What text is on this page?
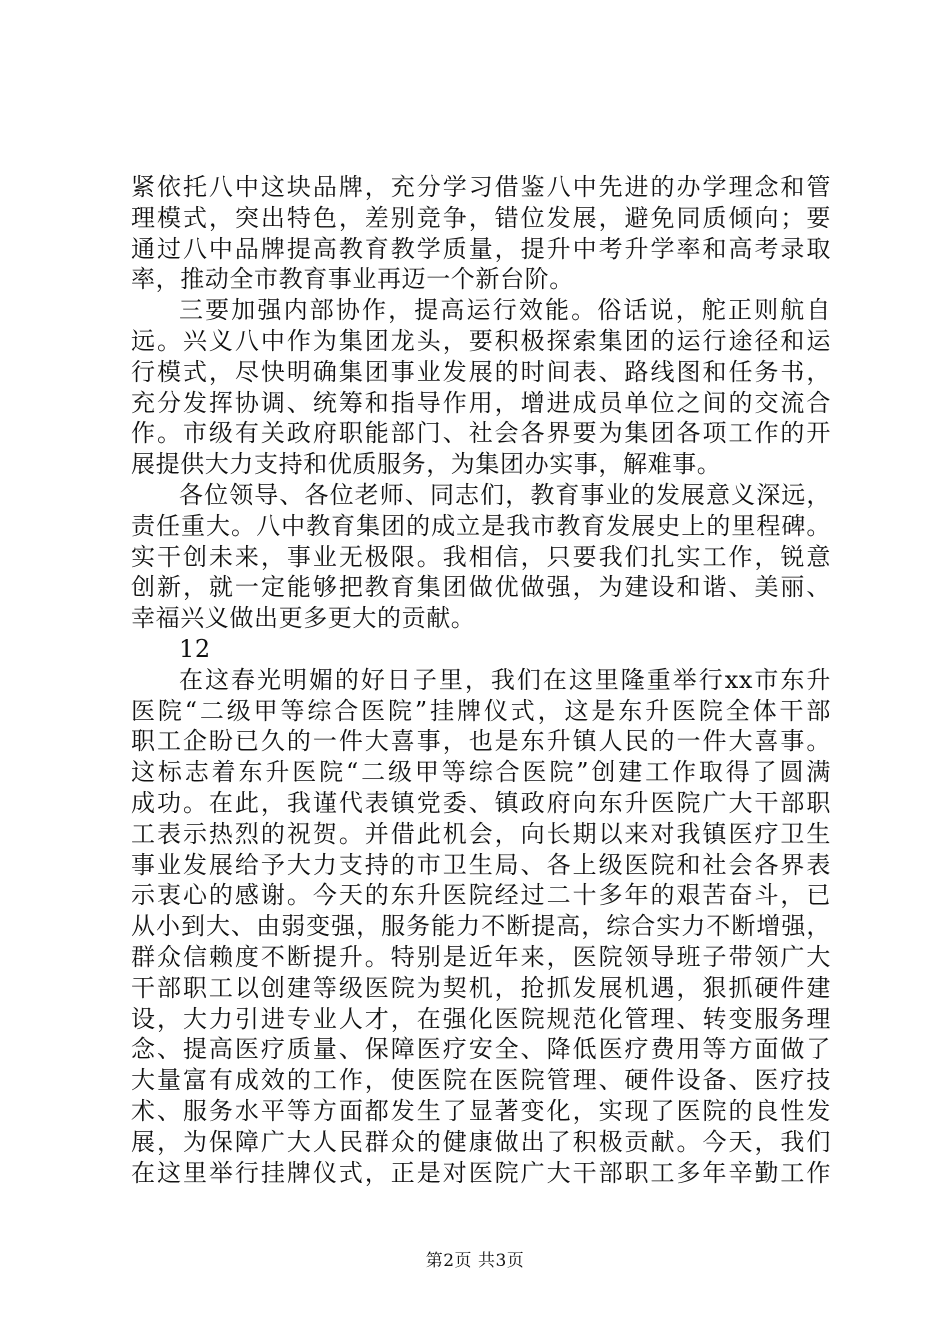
紧依托八中这块品牌，充分学习借鉴八中先进的办学理念和管
理模式，突出特色，差别竞争，错位发展，避免同质倾向；要
通过八中品牌提高教育教学质量，提升中考升学率和高考录取
率，推动全市教育事业再迈一个新台阶。
三要加强内部协作，提高运行效能。俗话说，舵正则航自
远。兴义八中作为集团龙头，要积极探索集团的运行途径和运
行模式，尽快明确集团事业发展的时间表、路线图和任务书，
充分发挥协调、统筹和指导作用，增进成员单位之间的交流合
作。市级有关政府职能部门、社会各界要为集团各项工作的开
展提供大力支持和优质服务，为集团办实事，解难事。
各位领导、各位老师、同志们，教育事业的发展意义深远，
责任重大。八中教育集团的成立是我市教育发展史上的里程碑。
实干创未来，事业无极限。我相信，只要我们扎实工作，锐意
创新，就一定能够把教育集团做优做强，为建设和谐、美丽、
幸福兴义做出更多更大的贡献。
12
在这春光明媚的好日子里，我们在这里隆重举行xx市东升
医院“二级甲等综合医院”挂牌仪式，这是东升医院全体干部
职工企盼已久的一件大喜事，也是东升镇人民的一件大喜事。
这标志着东升医院“二级甲等综合医院”创建工作取得了圆满
成功。在此，我谨代表镇党委、镇政府向东升医院广大干部职
工表示热烈的祝贺。并借此机会，向长期以来对我镇医疗卫生
事业发展给予大力支持的市卫生局、各上级医院和社会各界表
示衷心的感谢。今天的东升医院经过二十多年的艰苦奋斗，已
从小到大、由弱变强，服务能力不断提高，综合实力不断增强，
群众信赖度不断提升。特别是近年来，医院领导班子带领广大
干部职工以创建等级医院为契机，抢抓发展机遇，狠抓硬件建
设，大力引进专业人才，在强化医院规范化管理、转变服务理
念、提高医疗质量、保障医疗安全、降低医疗费用等方面做了
大量富有成效的工作，使医院在医院管理、硬件设备、医疗技
术、服务水平等方面都发生了显著变化，实现了医院的良性发
展，为保障广大人民群众的健康做出了积极贡献。今天，我们
在这里举行挂牌仪式，正是对医院广大干部职工多年辛勤工作
第2页 共3页
